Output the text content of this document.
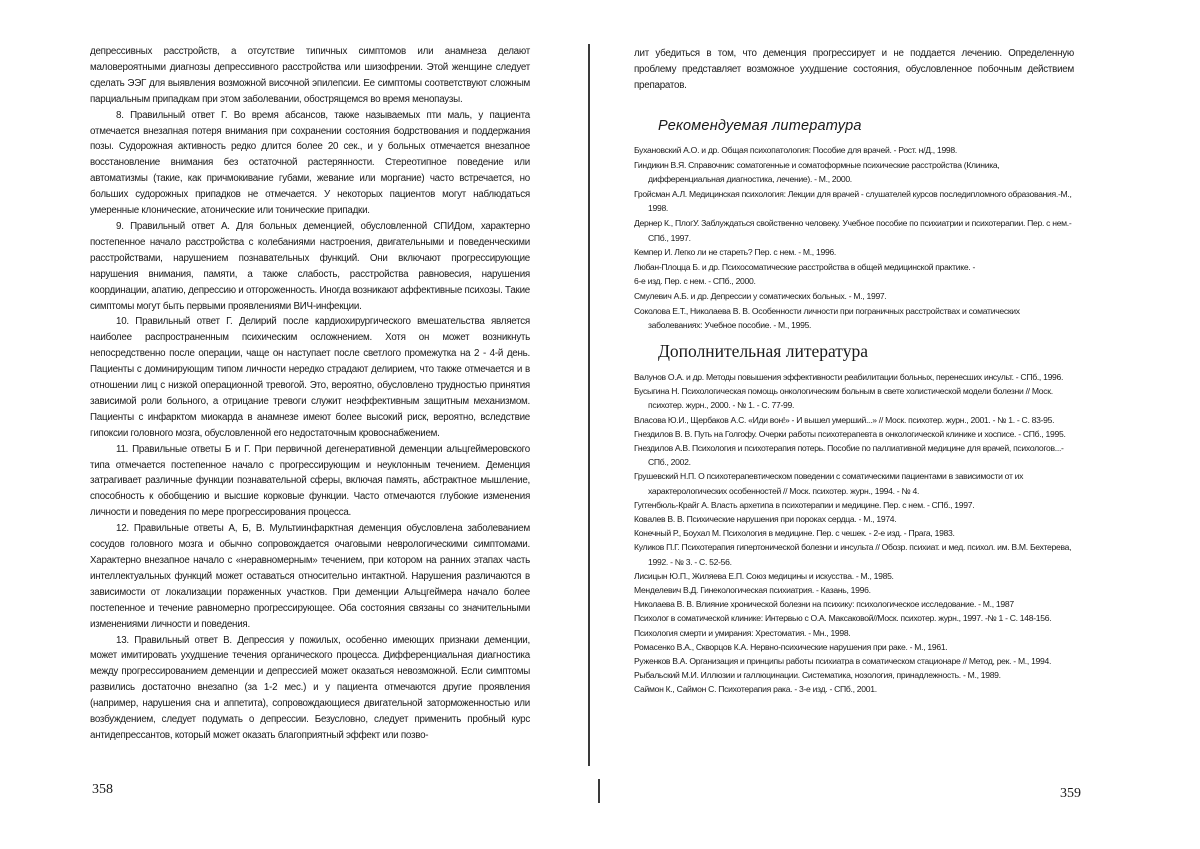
депрессивных расстройств, а отсутствие типичных симптомов или анамнеза делают маловероятными диагнозы депрессивного расстройства или шизофрении. Этой женщине следует сделать ЭЭГ для выявления возможной височной эпилепсии. Ее симптомы соответствуют сложным парциальным припадкам при этом заболевании, обострящемся во время менопаузы.

8. Правильный ответ Г. Во время абсансов, также называемых пти маль, у пациента отмечается внезапная потеря внимания при сохранении состояния бодрствования и поддержания позы. Судорожная активность редко длится более 20 сек., и у больных отмечается внезапное восстановление внимания без остаточной растерянности. Стереотипное поведение или автоматизмы (такие, как причмокивание губами, жевание или моргание) часто встречается, но больших судорожных припадков не отмечается. У некоторых пациентов могут наблюдаться умеренные клонические, атонические или тонические припадки.

9. Правильный ответ А. Для больных деменцией, обусловленной СПИДом, характерно постепенное начало расстройства с колебаниями настроения, двигательными и поведенческими расстройствами, нарушением познавательных функций. Они включают прогрессирующие нарушения внимания, памяти, а также слабость, расстройства равновесия, нарушения координации, апатию, депрессию и отгороженность. Иногда возникают аффективные психозы. Такие симптомы могут быть первыми проявлениями ВИЧ-инфекции.

10. Правильный ответ Г. Делирий после кардиохирургического вмешательства является наиболее распространенным психическим осложнением. Хотя он может возникнуть непосредственно после операции, чаще он наступает после светлого промежутка на 2 - 4-й день. Пациенты с доминирующим типом личности нередко страдают делирием, что также отмечается и в отношении лиц с низкой операционной тревогой. Это, вероятно, обусловлено трудностью принятия зависимой роли больного, а отрицание тревоги служит неэффективным защитным механизмом. Пациенты с инфарктом миокарда в анамнезе имеют более высокий риск, вероятно, вследствие гипоксии головного мозга, обусловленной его недостаточным кровоснабжением.

11. Правильные ответы Б и Г. При первичной дегенеративной деменции альцгеймеровского типа отмечается постепенное начало с прогрессирующим и неуклонным течением. Деменция затрагивает различные функции познавательной сферы, включая память, абстрактное мышление, способность к обобщению и высшие корковые функции. Часто отмечаются глубокие изменения личности и поведения по мере прогрессирования процесса.

12. Правильные ответы А, Б, В. Мультиинфарктная деменция обусловлена заболеванием сосудов головного мозга и обычно сопровождается очаговыми неврологическими симптомами. Характерно внезапное начало с «неравномерным» течением, при котором на ранних этапах часть интеллектуальных функций может оставаться относительно интактной. Нарушения различаются в зависимости от локализации пораженных участков. При деменции Альцгеймера начало более постепенное и течение равномерно прогрессирующее. Оба состояния связаны со значительными изменениями личности и поведения.

13. Правильный ответ В. Депрессия у пожилых, особенно имеющих признаки деменции, может имитировать ухудшение течения органического процесса. Дифференциальная диагностика между прогрессированием деменции и депрессией может оказаться невозможной. Если симптомы развились достаточно внезапно (за 1-2 мес.) и у пациента отмечаются другие проявления (например, нарушения сна и аппетита), сопровождающиеся двигательной заторможенностью или возбуждением, следует подумать о депрессии. Безусловно, следует применить пробный курс антидепрессантов, который может оказать благоприятный эффект или позво-

358

лит убедиться в том, что деменция прогрессирует и не поддается лечению. Определенную проблему представляет возможное ухудшение состояния, обусловленное побочным действием препаратов.

Рекомендуемая литература

Бухановский А.О. и др. Общая психопатология: Пособие для врачей. - Рост. н/Д., 1998.

Гиндикин В.Я. Справочник: соматогенные и соматоформные психические расстройства (Клиника, дифференциальная диагностика, лечение). - М., 2000.

Гройсман А.Л. Медицинская психология: Лекции для врачей - слушателей курсов последипломного образования.-М., 1998.

Дернер К., ПлогУ. Заблуждаться свойственно человеку. Учебное пособие по психиатрии и психотерапии. Пер. с нем.-СПб., 1997.

Кемпер И. Легко ли не стареть? Пер. с нем. - М., 1996.

Любан-Плоцца Б. и др. Психосоматические расстройства в общей медицинской практике. -

6-е изд. Пер. с нем. - СПб., 2000.

Смулевич А.Б. и др. Депрессии у соматических больных. - М., 1997.

Соколова Е.Т., Николаева В. В. Особенности личности при пограничных расстройствах и соматических заболеваниях: Учебное пособие. - М., 1995.

Дополнительная литература

Валунов О.А. и др. Методы повышения эффективности реабилитации больных, перенесших инсульт. - СПб., 1996.

Бусыгина Н. Психологическая помощь онкологическим больным в свете холистической модели болезни // Моск. психотер. журн., 2000. - № 1. - С. 77-99.

Власова Ю.И., Щербаков А.С. «Иди вон!» - И вышел умерший...» // Моск. психотер. журн., 2001. - № 1. - С. 83-95.

Гнездилов В. В. Путь на Голгофу. Очерки работы психотерапевта в онкологической клинике и хосписе. - СПб., 1995.

Гнездилов А.В. Психология и психотерапия потерь. Пособие по паллиативной медицине для врачей, психологов...-СПб., 2002.

Грушевский Н.П. О психотерапевтическом поведении с соматическими пациентами в зависимости от их характерологических особенностей // Моск. психотер. журн., 1994. - № 4.

Гуггенбюль-Крайг А. Власть архетипа в психотерапии и медицине. Пер. с нем. - СПб., 1997.

Ковалев В. В. Психические нарушения при пороках сердца. - М., 1974.

Конечный Р., Боухал М. Психология в медицине. Пер. с чешек. - 2-е изд. - Прага, 1983.

Куликов П.Г. Психотерапия гипертонической болезни и инсульта // Обозр. психиат. и мед. психол. им. В.М. Бехтерева, 1992. - № 3. - С. 52-56.

Лисицын Ю.П., Жиляева Е.П. Союз медицины и искусства. - М., 1985.

Менделевич В.Д. Гинекологическая психиатрия. - Казань, 1996.

Николаева В. В. Влияние хронической болезни на психику: психологическое исследование. - М., 1987

Психолог в соматической клинике: Интервью с О.А. Максаковой//Моск. психотер. журн., 1997. -№ 1 - С. 148-156.

Психология смерти и умирания: Хрестоматия. - Мн., 1998.

Ромасенко В.А., Скворцов К.А. Нервно-психические нарушения при раке. - М., 1961.

Руженков В.А. Организация и принципы работы психиатра в соматическом стационаре // Метод, рек. - М., 1994.

Рыбальский М.И. Иллюзии и галлюцинации. Систематика, нозология, принадлежность. - М., 1989.

Саймон К., Саймон С. Психотерапия рака. - 3-е изд. - СПб., 2001.

359
